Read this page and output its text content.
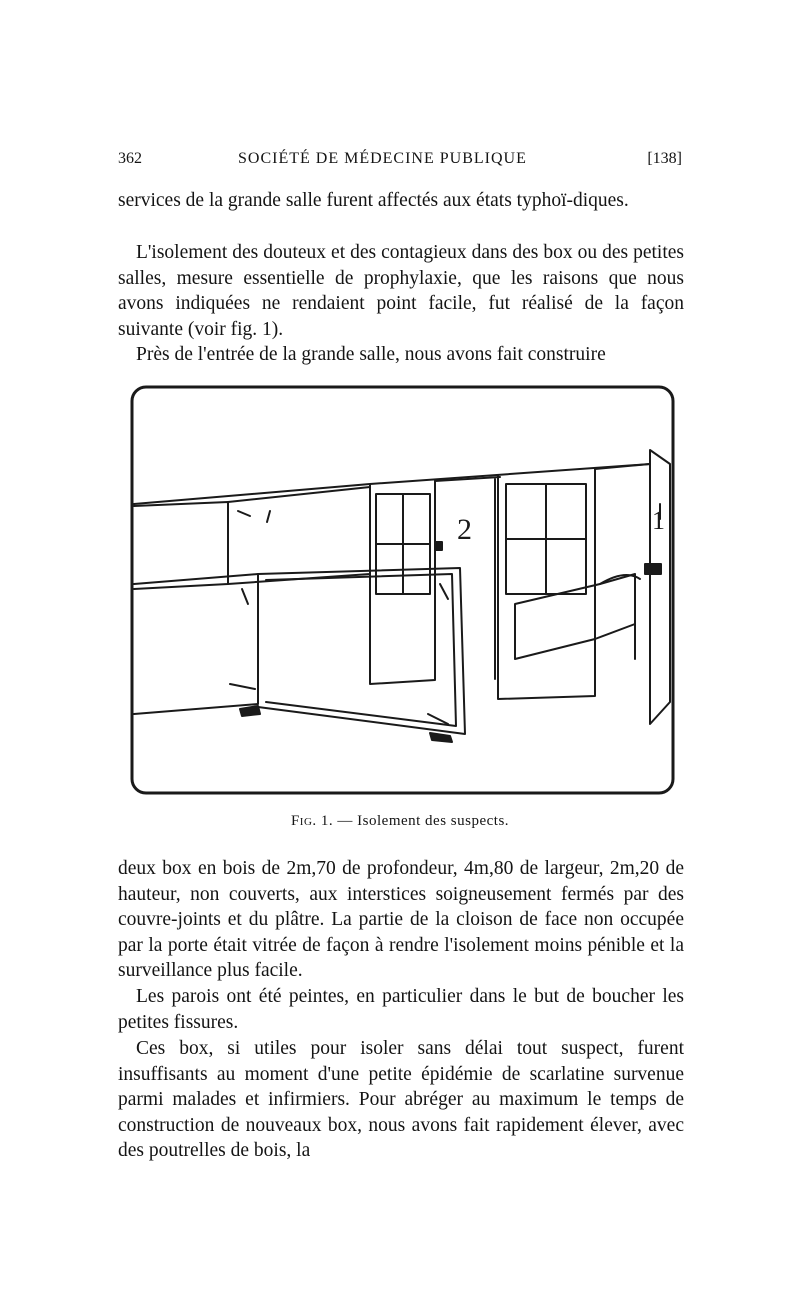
362	SOCIÉTÉ DE MÉDECINE PUBLIQUE	[138]

services de la grande salle furent affectés aux états typhoï-diques.

L'isolement des douteux et des contagieux dans des box ou des petites salles, mesure essentielle de prophylaxie, que les raisons que nous avons indiquées ne rendaient point facile, fut réalisé de la façon suivante (voir fig. 1).

Près de l'entrée de la grande salle, nous avons fait construire

2	1
Fig. 1. — Isolement des suspects.

deux box en bois de 2m,70 de profondeur, 4m,80 de largeur, 2m,20 de hauteur, non couverts, aux interstices soigneusement fermés par des couvre-joints et du plâtre. La partie de la cloison de face non occupée par la porte était vitrée de façon à rendre l'isolement moins pénible et la surveillance plus facile.

Les parois ont été peintes, en particulier dans le but de boucher les petites fissures.

Ces box, si utiles pour isoler sans délai tout suspect, furent insuffisants au moment d'une petite épidémie de scarlatine survenue parmi malades et infirmiers. Pour abréger au maximum le temps de construction de nouveaux box, nous avons fait rapidement élever, avec des poutrelles de bois, la
